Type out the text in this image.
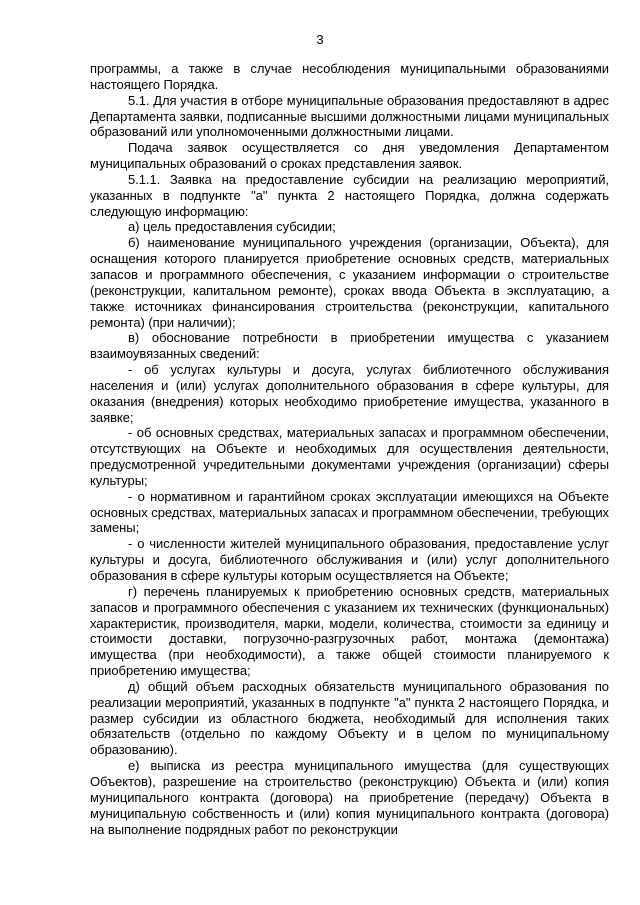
3

программы, а также в случае несоблюдения муниципальными образованиями настоящего Порядка.

5.1. Для участия в отборе муниципальные образования предоставляют в адрес Департамента заявки, подписанные высшими должностными лицами муниципальных образований или уполномоченными должностными лицами.

Подача заявок осуществляется со дня уведомления Департаментом муниципальных образований о сроках представления заявок.

5.1.1. Заявка на предоставление субсидии на реализацию мероприятий, указанных в подпункте "а" пункта 2 настоящего Порядка, должна содержать следующую информацию:

а) цель предоставления субсидии;

б) наименование муниципального учреждения (организации, Объекта), для оснащения которого планируется приобретение основных средств, материальных запасов и программного обеспечения, с указанием информации о строительстве (реконструкции, капитальном ремонте), сроках ввода Объекта в эксплуатацию, а также источниках финансирования строительства (реконструкции, капитального ремонта) (при наличии);

в) обоснование потребности в приобретении имущества с указанием взаимоувязанных сведений:

- об услугах культуры и досуга, услугах библиотечного обслуживания населения и (или) услугах дополнительного образования в сфере культуры, для оказания (внедрения) которых необходимо приобретение имущества, указанного в заявке;

- об основных средствах, материальных запасах и программном обеспечении, отсутствующих на Объекте и необходимых для осуществления деятельности, предусмотренной учредительными документами учреждения (организации) сферы культуры;

- о нормативном и гарантийном сроках эксплуатации имеющихся на Объекте основных средствах, материальных запасах и программном обеспечении, требующих замены;

- о численности жителей муниципального образования, предоставление услуг культуры и досуга, библиотечного обслуживания и (или) услуг дополнительного образования в сфере культуры которым осуществляется на Объекте;

г) перечень планируемых к приобретению основных средств, материальных запасов и программного обеспечения с указанием их технических (функциональных) характеристик, производителя, марки, модели, количества, стоимости за единицу и стоимости доставки, погрузочно-разгрузочных работ, монтажа (демонтажа) имущества (при необходимости), а также общей стоимости планируемого к приобретению имущества;

д) общий объем расходных обязательств муниципального образования по реализации мероприятий, указанных в подпункте "а" пункта 2 настоящего Порядка, и размер субсидии из областного бюджета, необходимый для исполнения таких обязательств (отдельно по каждому Объекту и в целом по муниципальному образованию).

е) выписка из реестра муниципального имущества (для существующих Объектов), разрешение на строительство (реконструкцию) Объекта и (или) копия муниципального контракта (договора) на приобретение (передачу) Объекта в муниципальную собственность и (или) копия муниципального контракта (договора) на выполнение подрядных работ по реконструкции
